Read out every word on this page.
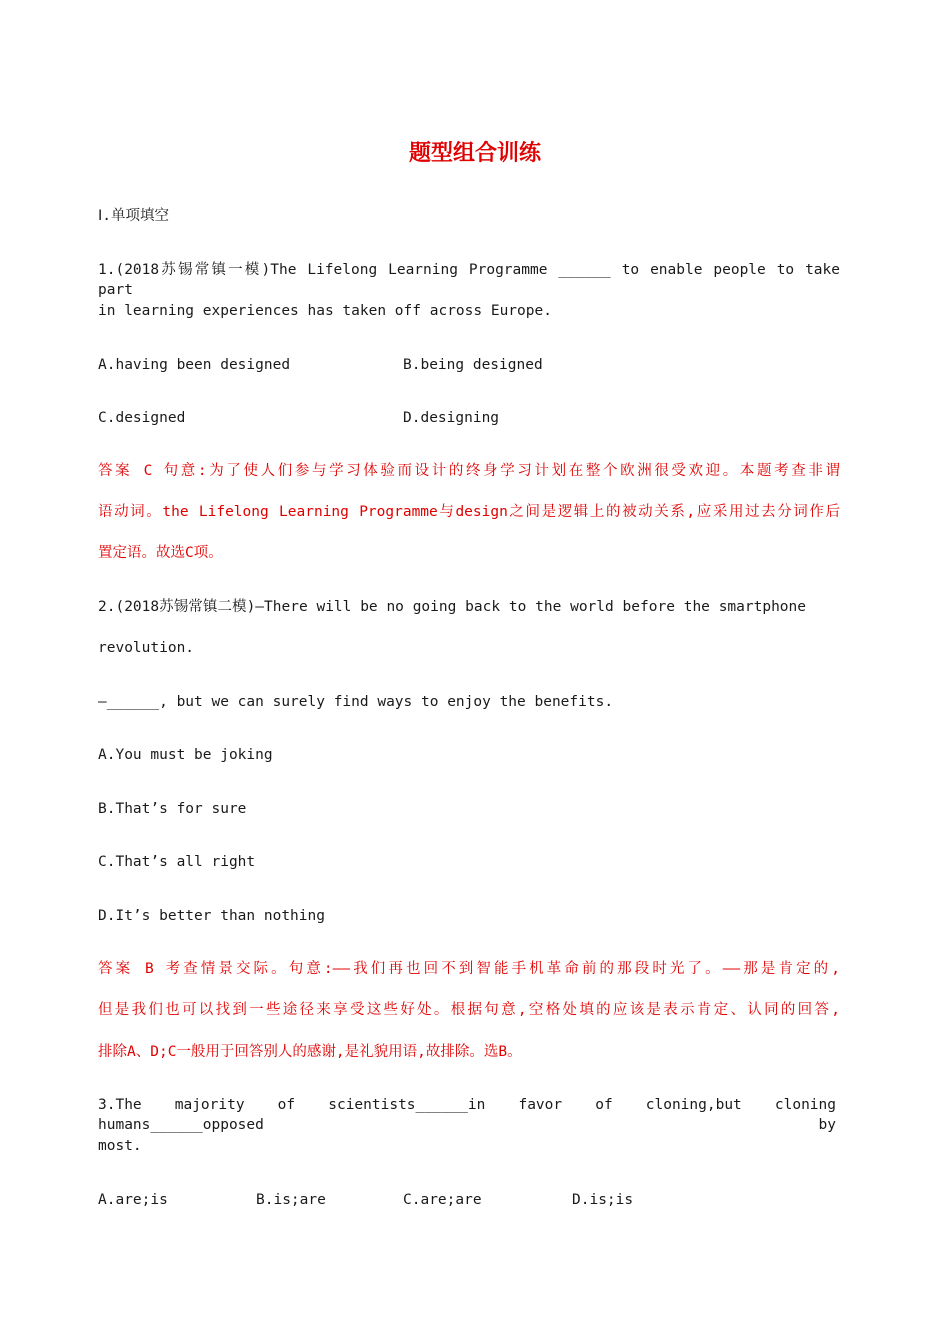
题型组合训练
Ⅰ.单项填空
1.(2018苏锡常镇一模)The Lifelong Learning Programme ______ to enable people to take part
in learning experiences has taken off across Europe.
A.having been designed	B.being designed
C.designed	D.designing
答案 C 句意:为了使人们参与学习体验而设计的终身学习计划在整个欧洲很受欢迎。本题考查非谓
语动词。the Lifelong Learning Programme与design之间是逻辑上的被动关系,应采用过去分词作后
置定语。故选C项。
2.(2018苏锡常镇二模)—There will be no going back to the world before the smartphone
revolution.
—______, but we can surely find ways to enjoy the benefits.
A.You must be joking
B.That’s for sure
C.That’s all right
D.It’s better than nothing
答案 B 考查情景交际。句意:——我们再也回不到智能手机革命前的那段时光了。——那是肯定的,
但是我们也可以找到一些途径来享受这些好处。根据句意,空格处填的应该是表示肯定、认同的回答,
排除A、D;C一般用于回答别人的感谢,是礼貌用语,故排除。选B。
3.The majority of scientists______in favor of cloning,but cloning humans______opposed by
most.
A.are;is	B.is;are	C.are;are	D.is;is
